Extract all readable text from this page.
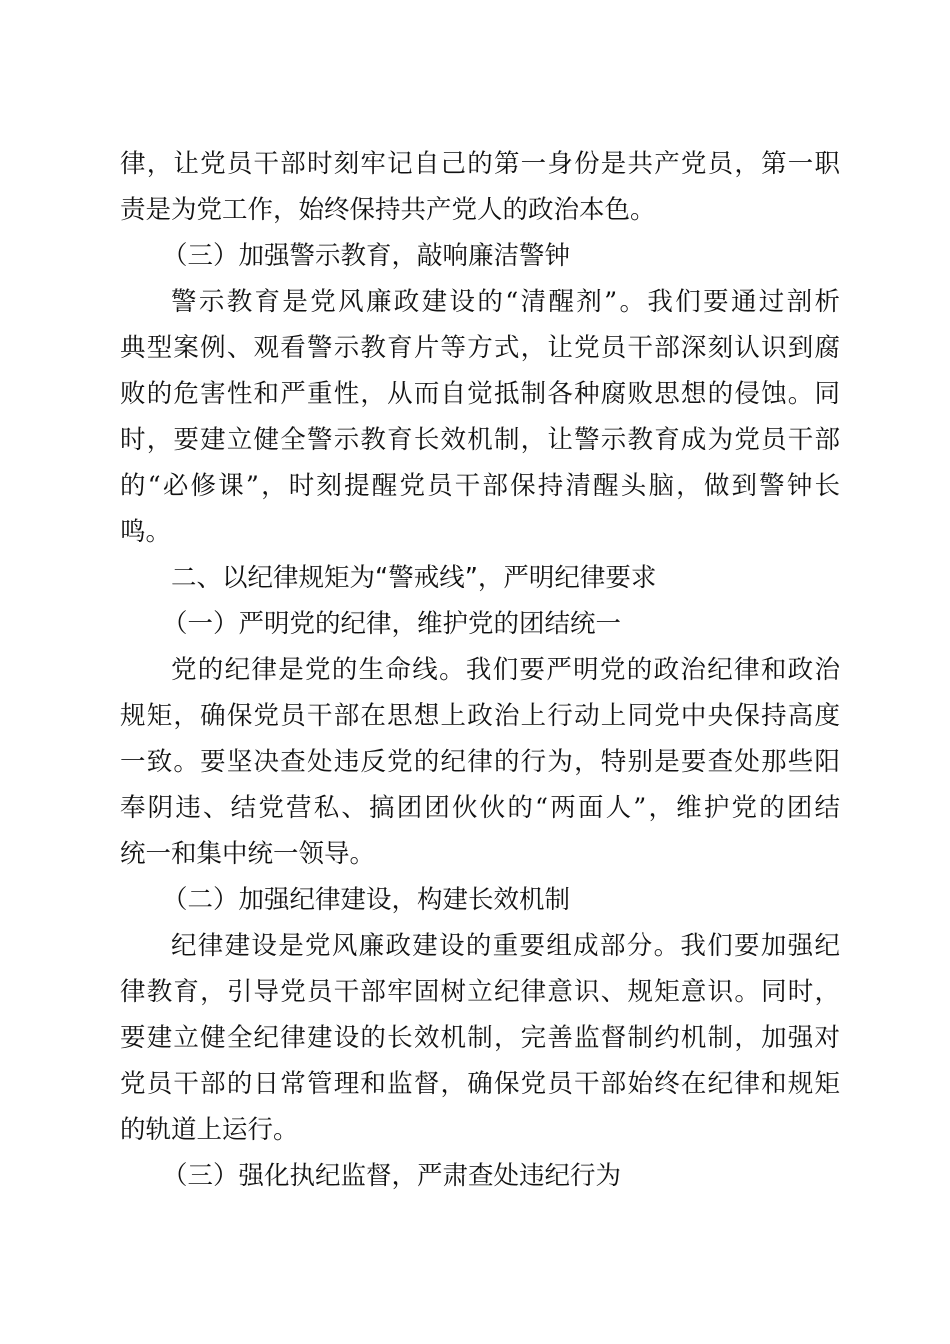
律，让党员干部时刻牢记自己的第一身份是共产党员，第一职
责是为党工作，始终保持共产党人的政治本色。
（三）加强警示教育，敲响廉洁警钟
警示教育是党风廉政建设的“清醒剂”。我们要通过剖析
典型案例、观看警示教育片等方式，让党员干部深刻认识到腐
败的危害性和严重性，从而自觉抵制各种腐败思想的侵蚀。同
时，要建立健全警示教育长效机制，让警示教育成为党员干部
的“必修课”，时刻提醒党员干部保持清醒头脑，做到警钟长
鸣。
二、以纪律规矩为“警戒线”，严明纪律要求
（一）严明党的纪律，维护党的团结统一
党的纪律是党的生命线。我们要严明党的政治纪律和政治
规矩，确保党员干部在思想上政治上行动上同党中央保持高度
一致。要坚决查处违反党的纪律的行为，特别是要查处那些阳
奉阴违、结党营私、搞团团伙伙的“两面人”，维护党的团结
统一和集中统一领导。
（二）加强纪律建设，构建长效机制
纪律建设是党风廉政建设的重要组成部分。我们要加强纪
律教育，引导党员干部牢固树立纪律意识、规矩意识。同时，
要建立健全纪律建设的长效机制，完善监督制约机制，加强对
党员干部的日常管理和监督，确保党员干部始终在纪律和规矩
的轨道上运行。
（三）强化执纪监督，严肃查处违纪行为
